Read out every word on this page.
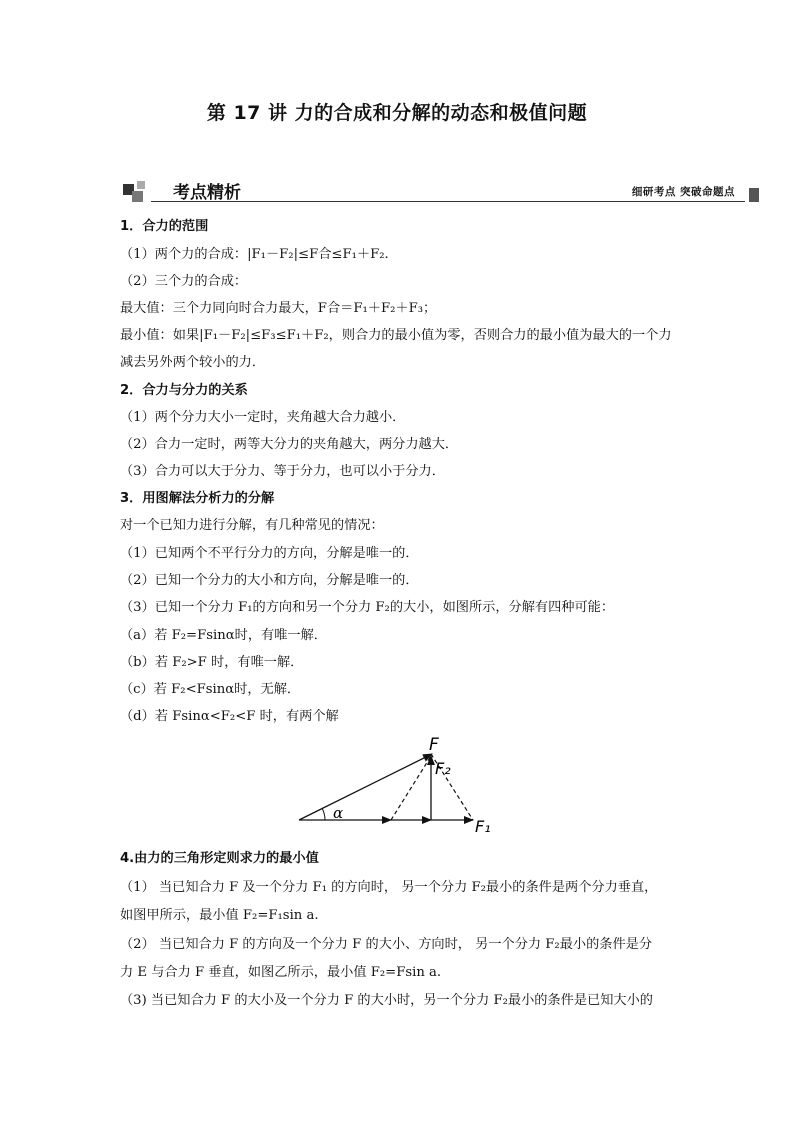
第 17 讲 力的合成和分解的动态和极值问题
考点精析	细研考点 突破命题点
1．合力的范围
（1）两个力的合成：|F₁－F₂|≤F合≤F₁＋F₂.
（2）三个力的合成：
最大值：三个力同向时合力最大，F合＝F₁＋F₂＋F₃；
最小值：如果|F₁－F₂|≤F₃≤F₁＋F₂，则合力的最小值为零，否则合力的最小值为最大的一个力
减去另外两个较小的力．
2．合力与分力的关系
（1）两个分力大小一定时，夹角越大合力越小．
（2）合力一定时，两等大分力的夹角越大，两分力越大．
（3）合力可以大于分力、等于分力，也可以小于分力．
3．用图解法分析力的分解
对一个已知力进行分解，有几种常见的情况：
（1）已知两个不平行分力的方向，分解是唯一的．
（2）已知一个分力的大小和方向，分解是唯一的．
（3）已知一个分力 F₁的方向和另一个分力 F₂的大小，如图所示，分解有四种可能：
（a）若 F₂=Fsinα时，有唯一解．
（b）若 F₂>F 时，有唯一解．
（c）若 F₂<Fsinα时，无解．
（d）若 Fsinα<F₂<F 时，有两个解
α
F
F₂
F₁
4.由力的三角形定则求力的最小值
（1） 当已知合力 F 及一个分力 F₁ 的方向时， 另一个分力 F₂最小的条件是两个分力垂直，
如图甲所示，最小值 F₂=F₁sin a.
（2） 当已知合力 F 的方向及一个分力 F 的大小、方向时， 另一个分力 F₂最小的条件是分
力 E 与合力 F 垂直，如图乙所示，最小值 F₂=Fsin a.
（3) 当已知合力 F 的大小及一个分力 F 的大小时，另一个分力 F₂最小的条件是已知大小的
